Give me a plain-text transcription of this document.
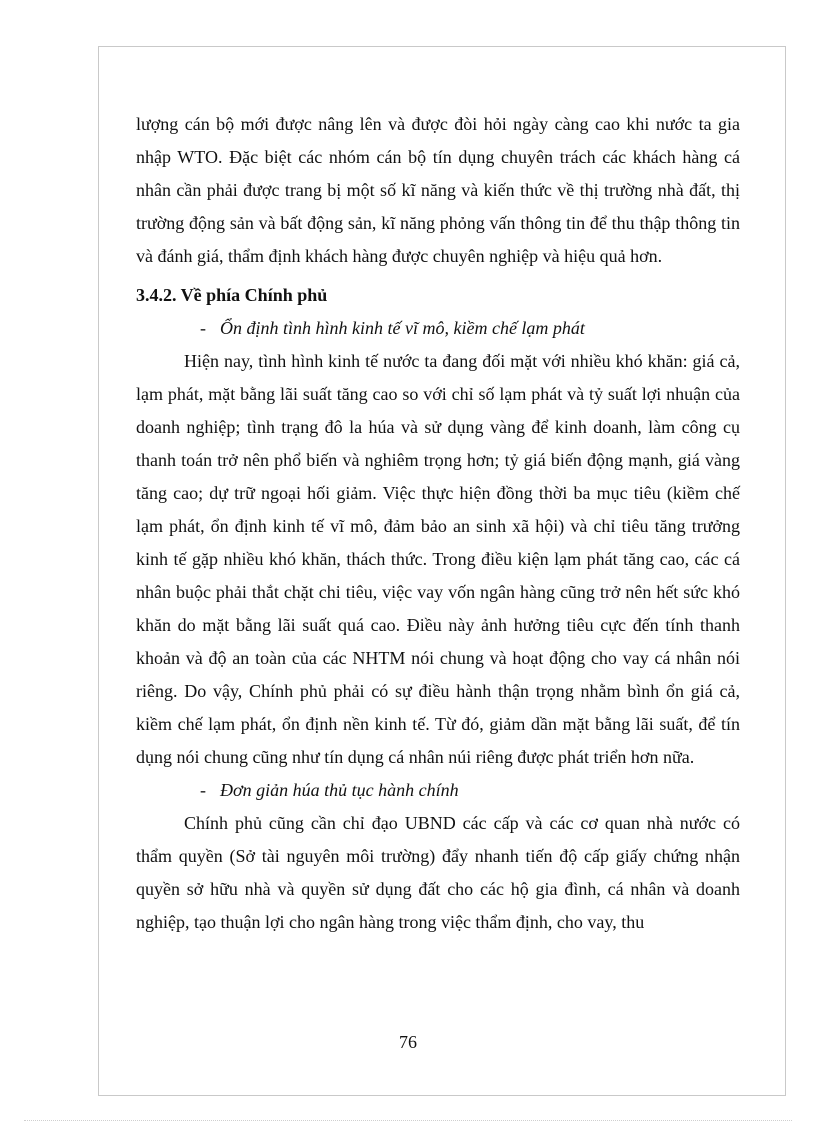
lượng cán bộ mới được nâng lên và được đòi hỏi ngày càng cao khi nước ta gia nhập WTO. Đặc biệt các nhóm cán bộ tín dụng chuyên trách các khách hàng cá nhân cần phải được trang bị một số kĩ năng và kiến thức về thị trường nhà đất, thị trường động sản và bất động sản, kĩ năng phỏng vấn thông tin để thu thập thông tin và đánh giá, thẩm định khách hàng được chuyên nghiệp và hiệu quả hơn.

3.4.2. Về phía Chính phủ
- Ổn định tình hình kinh tế vĩ mô, kiềm chế lạm phát

Hiện nay, tình hình kinh tế nước ta đang đối mặt với nhiều khó khăn: giá cả, lạm phát, mặt bằng lãi suất tăng cao so với chỉ số lạm phát và tỷ suất lợi nhuận của doanh nghiệp; tình trạng đô la húa và sử dụng vàng để kinh doanh, làm công cụ thanh toán trở nên phổ biến và nghiêm trọng hơn; tỷ giá biến động mạnh, giá vàng tăng cao; dự trữ ngoại hối giảm. Việc thực hiện đồng thời ba mục tiêu (kiềm chế lạm phát, ổn định kinh tế vĩ mô, đảm bảo an sinh xã hội) và chỉ tiêu tăng trưởng kinh tế gặp nhiều khó khăn, thách thức. Trong điều kiện lạm phát tăng cao, các cá nhân buộc phải thắt chặt chi tiêu, việc vay vốn ngân hàng cũng trở nên hết sức khó khăn do mặt bằng lãi suất quá cao. Điều này ảnh hưởng tiêu cực đến tính thanh khoản và độ an toàn của các NHTM nói chung và hoạt động cho vay cá nhân nói riêng. Do vậy, Chính phủ phải có sự điều hành thận trọng nhằm bình ổn giá cả, kiềm chế lạm phát, ổn định nền kinh tế. Từ đó, giảm dần mặt bằng lãi suất, để tín dụng nói chung cũng như tín dụng cá nhân núi riêng được phát triển hơn nữa.

- Đơn giản húa thủ tục hành chính

Chính phủ cũng cần chỉ đạo UBND các cấp và các cơ quan nhà nước có thẩm quyền (Sở tài nguyên môi trường) đẩy nhanh tiến độ cấp giấy chứng nhận quyền sở hữu nhà và quyền sử dụng đất cho các hộ gia đình, cá nhân và doanh nghiệp, tạo thuận lợi cho ngân hàng trong việc thẩm định, cho vay, thu

76
